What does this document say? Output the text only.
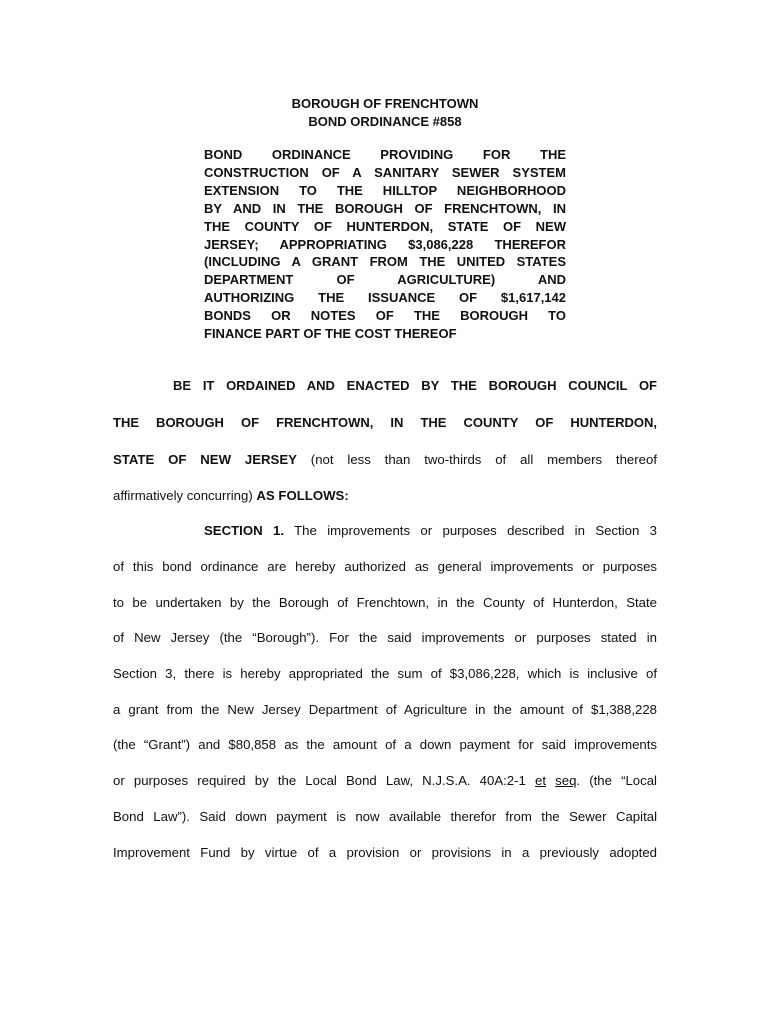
BOROUGH OF FRENCHTOWN
BOND ORDINANCE #858
BOND ORDINANCE PROVIDING FOR THE
CONSTRUCTION OF A SANITARY SEWER SYSTEM
EXTENSION TO THE HILLTOP NEIGHBORHOOD
BY AND IN THE BOROUGH OF FRENCHTOWN, IN
THE COUNTY OF HUNTERDON, STATE OF NEW
JERSEY; APPROPRIATING $3,086,228 THEREFOR
(INCLUDING A GRANT FROM THE UNITED STATES
DEPARTMENT OF AGRICULTURE) AND
AUTHORIZING THE ISSUANCE OF $1,617,142
BONDS OR NOTES OF THE BOROUGH TO
FINANCE PART OF THE COST THEREOF
BE IT ORDAINED AND ENACTED BY THE BOROUGH COUNCIL OF
THE BOROUGH OF FRENCHTOWN, IN THE COUNTY OF HUNTERDON,
STATE OF NEW JERSEY (not less than two-thirds of all members thereof
affirmatively concurring) AS FOLLOWS:
SECTION 1. The improvements or purposes described in Section 3
of this bond ordinance are hereby authorized as general improvements or purposes
to be undertaken by the Borough of Frenchtown, in the County of Hunterdon, State
of New Jersey (the “Borough”). For the said improvements or purposes stated in
Section 3, there is hereby appropriated the sum of $3,086,228, which is inclusive of
a grant from the New Jersey Department of Agriculture in the amount of $1,388,228
(the “Grant”) and $80,858 as the amount of a down payment for said improvements
or purposes required by the Local Bond Law, N.J.S.A. 40A:2-1 et seq. (the “Local
Bond Law”). Said down payment is now available therefor from the Sewer Capital
Improvement Fund by virtue of a provision or provisions in a previously adopted
